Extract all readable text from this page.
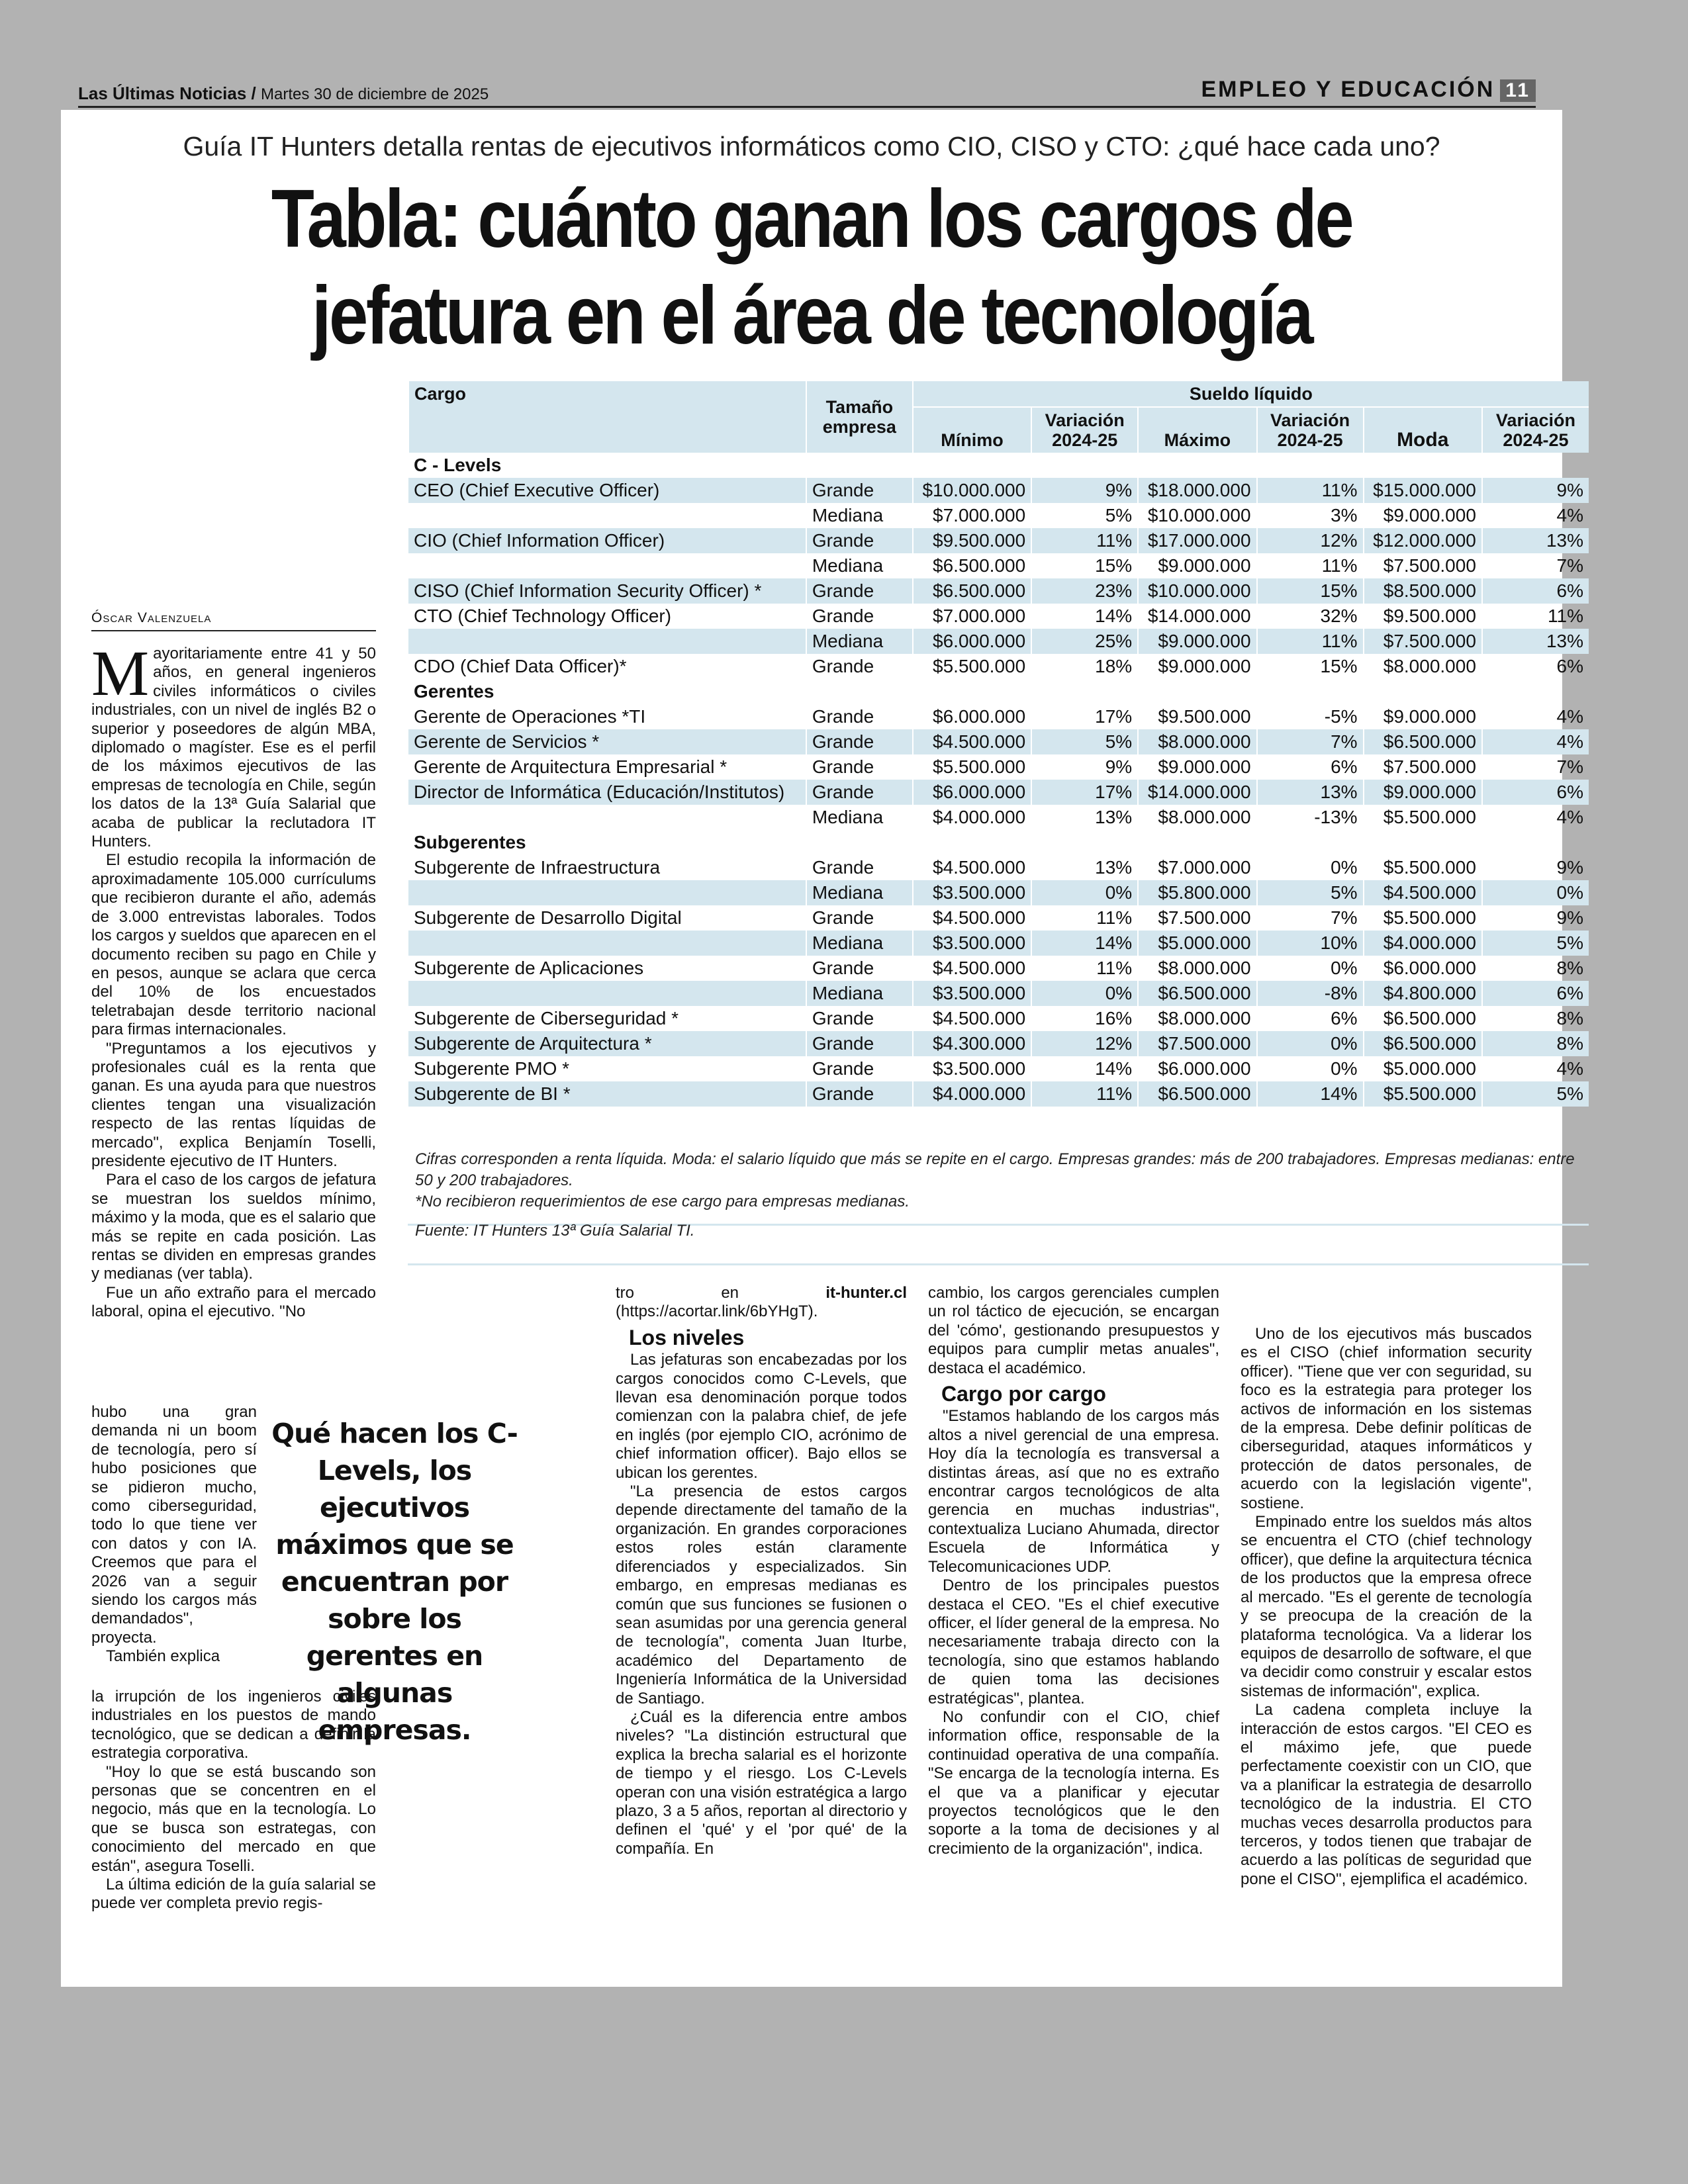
Las Últimas Noticias / Martes 30 de diciembre de 2025	EMPLEO Y EDUCACIÓN 11
Guía IT Hunters detalla rentas de ejecutivos informáticos como CIO, CISO y CTO: ¿qué hace cada uno?
Tabla: cuánto ganan los cargos de
jefatura en el área de tecnología
Cargo	Tamaño empresa	Sueldo líquido					
		Mínimo	Variación 2024-25	Máximo	Variación 2024-25	Moda	Variación 2024-25
C - Levels							
CEO (Chief Executive Officer)	Grande	$10.000.000	9%	$18.000.000	11%	$15.000.000	9%
	Mediana	$7.000.000	5%	$10.000.000	3%	$9.000.000	4%
CIO (Chief Information Officer)	Grande	$9.500.000	11%	$17.000.000	12%	$12.000.000	13%
	Mediana	$6.500.000	15%	$9.000.000	11%	$7.500.000	7%
CISO (Chief Information Security Officer) *	Grande	$6.500.000	23%	$10.000.000	15%	$8.500.000	6%
CTO (Chief Technology Officer)	Grande	$7.000.000	14%	$14.000.000	32%	$9.500.000	11%
	Mediana	$6.000.000	25%	$9.000.000	11%	$7.500.000	13%
CDO (Chief Data Officer)*	Grande	$5.500.000	18%	$9.000.000	15%	$8.000.000	6%
Gerentes							
Gerente de Operaciones *TI	Grande	$6.000.000	17%	$9.500.000	-5%	$9.000.000	4%
Gerente de Servicios *	Grande	$4.500.000	5%	$8.000.000	7%	$6.500.000	4%
Gerente de Arquitectura Empresarial *	Grande	$5.500.000	9%	$9.000.000	6%	$7.500.000	7%
Director de Informática (Educación/Institutos)	Grande	$6.000.000	17%	$14.000.000	13%	$9.000.000	6%
	Mediana	$4.000.000	13%	$8.000.000	-13%	$5.500.000	4%
Subgerentes							
Subgerente de Infraestructura	Grande	$4.500.000	13%	$7.000.000	0%	$5.500.000	9%
	Mediana	$3.500.000	0%	$5.800.000	5%	$4.500.000	0%
Subgerente de Desarrollo Digital	Grande	$4.500.000	11%	$7.500.000	7%	$5.500.000	9%
	Mediana	$3.500.000	14%	$5.000.000	10%	$4.000.000	5%
Subgerente de Aplicaciones	Grande	$4.500.000	11%	$8.000.000	0%	$6.000.000	8%
	Mediana	$3.500.000	0%	$6.500.000	-8%	$4.800.000	6%
Subgerente de Ciberseguridad *	Grande	$4.500.000	16%	$8.000.000	6%	$6.500.000	8%
Subgerente de Arquitectura *	Grande	$4.300.000	12%	$7.500.000	0%	$6.500.000	8%
Subgerente PMO *	Grande	$3.500.000	14%	$6.000.000	0%	$5.000.000	4%
Subgerente de BI *	Grande	$4.000.000	11%	$6.500.000	14%	$5.500.000	5%
Cifras corresponden a renta líquida. Moda: el salario líquido que más se repite en el cargo. Empresas grandes: más de 200 trabajadores. Empresas medianas: entre 50 y 200 trabajadores.
*No recibieron requerimientos de ese cargo para empresas medianas.
Fuente: IT Hunters 13ª Guía Salarial TI.
Óscar Valenzuela

Mayoritariamente entre 41 y 50 años, en general ingenieros civiles informáticos o civiles industriales, con un nivel de inglés B2 o superior y poseedores de algún MBA, diplomado o magíster. Ese es el perfil de los máximos ejecutivos de las empresas de tecnología en Chile, según los datos de la 13ª Guía Salarial que acaba de publicar la reclutadora IT Hunters.

El estudio recopila la información de aproximadamente 105.000 currículums que recibieron durante el año, además de 3.000 entrevistas laborales. Todos los cargos y sueldos que aparecen en el documento reciben su pago en Chile y en pesos, aunque se aclara que cerca del 10% de los encuestados teletrabajan desde territorio nacional para firmas internacionales.

"Preguntamos a los ejecutivos y profesionales cuál es la renta que ganan. Es una ayuda para que nuestros clientes tengan una visualización respecto de las rentas líquidas de mercado", explica Benjamín Toselli, presidente ejecutivo de IT Hunters.

Para el caso de los cargos de jefatura se muestran los sueldos mínimo, máximo y la moda, que es el salario que más se repite en cada posición. Las rentas se dividen en empresas grandes y medianas (ver tabla).

Fue un año extraño para el mercado laboral, opina el ejecutivo. "No

hubo una gran demanda ni un boom de tecnología, pero sí hubo posiciones que se pidieron mucho, como ciberseguridad, todo lo que tiene ver con datos y con IA. Creemos que para el 2026 van a seguir siendo los cargos más demandados", proyecta.

También explica

Qué hacen los C-Levels, los ejecutivos máximos que se encuentran por sobre los gerentes en algunas empresas.

la irrupción de los ingenieros civiles industriales en los puestos de mando tecnológico, que se dedican a definir la estrategia corporativa.

"Hoy lo que se está buscando son personas que se concentren en el negocio, más que en la tecnología. Lo que se busca son estrategas, con conocimiento del mercado en que están", asegura Toselli.

La última edición de la guía salarial se puede ver completa previo regis-

tro en it-hunter.cl (https://acortar.link/6bYHgT).

Los niveles

Las jefaturas son encabezadas por los cargos conocidos como C-Levels, que llevan esa denominación porque todos comienzan con la palabra chief, de jefe en inglés (por ejemplo CIO, acrónimo de chief information officer). Bajo ellos se ubican los gerentes.

"La presencia de estos cargos depende directamente del tamaño de la organización. En grandes corporaciones estos roles están claramente diferenciados y especializados. Sin embargo, en empresas medianas es común que sus funciones se fusionen o sean asumidas por una gerencia general de tecnología", comenta Juan Iturbe, académico del Departamento de Ingeniería Informática de la Universidad de Santiago.

¿Cuál es la diferencia entre ambos niveles? "La distinción estructural que explica la brecha salarial es el horizonte de tiempo y el riesgo. Los C-Levels operan con una visión estratégica a largo plazo, 3 a 5 años, reportan al directorio y definen el 'qué' y el 'por qué' de la compañía. En

cambio, los cargos gerenciales cumplen un rol táctico de ejecución, se encargan del 'cómo', gestionando presupuestos y equipos para cumplir metas anuales", destaca el académico.

Cargo por cargo

"Estamos hablando de los cargos más altos a nivel gerencial de una empresa. Hoy día la tecnología es transversal a distintas áreas, así que no es extraño encontrar cargos tecnológicos de alta gerencia en muchas industrias", contextualiza Luciano Ahumada, director Escuela de Informática y Telecomunicaciones UDP.

Dentro de los principales puestos destaca el CEO. "Es el chief executive officer, el líder general de la empresa. No necesariamente trabaja directo con la tecnología, sino que estamos hablando de quien toma las decisiones estratégicas", plantea.

No confundir con el CIO, chief information office, responsable de la continuidad operativa de una compañía. "Se encarga de la tecnología interna. Es el que va a planificar y ejecutar proyectos tecnológicos que le den soporte a la toma de decisiones y al crecimiento de la organización", indica.

Uno de los ejecutivos más buscados es el CISO (chief information security officer). "Tiene que ver con seguridad, su foco es la estrategia para proteger los activos de información en los sistemas de la empresa. Debe definir políticas de ciberseguridad, ataques informáticos y protección de datos personales, de acuerdo con la legislación vigente", sostiene.

Empinado entre los sueldos más altos se encuentra el CTO (chief technology officer), que define la arquitectura técnica de los productos que la empresa ofrece al mercado. "Es el gerente de tecnología y se preocupa de la creación de la plataforma tecnológica. Va a liderar los equipos de desarrollo de software, el que va decidir como construir y escalar estos sistemas de información", explica.

La cadena completa incluye la interacción de estos cargos. "El CEO es el máximo jefe, que puede perfectamente coexistir con un CIO, que va a planificar la estrategia de desarrollo tecnológico de la industria. El CTO muchas veces desarrolla productos para terceros, y todos tienen que trabajar de acuerdo a las políticas de seguridad que pone el CISO", ejemplifica el académico.
